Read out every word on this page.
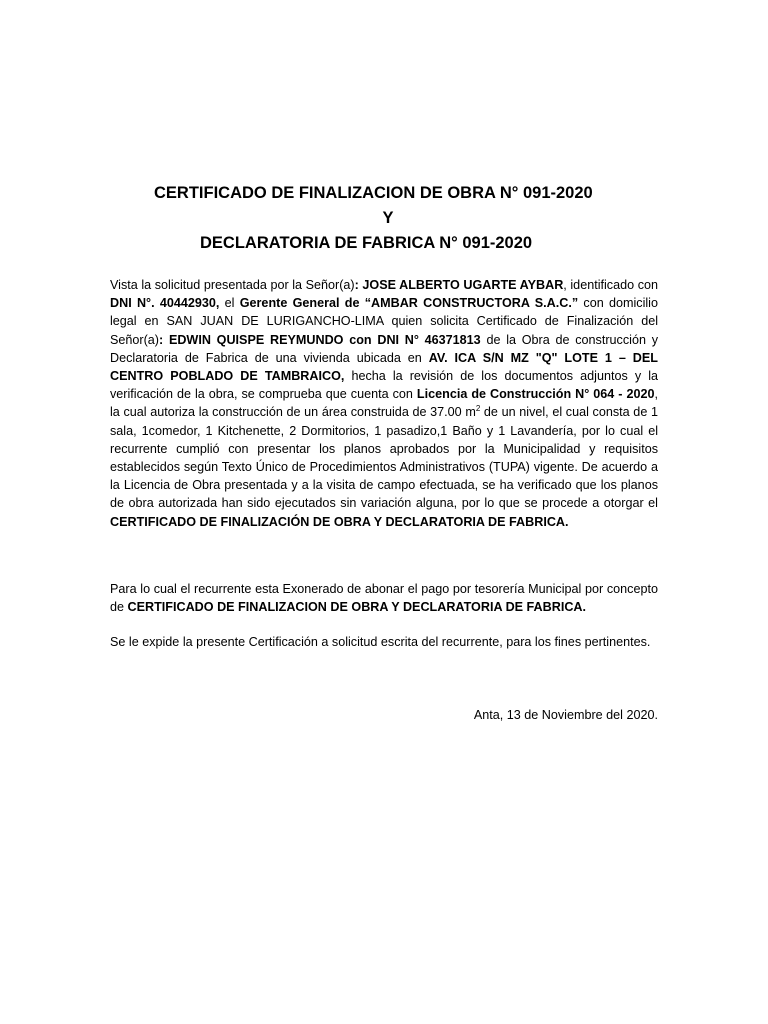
CERTIFICADO DE FINALIZACION DE OBRA N° 091-2020
Y
DECLARATORIA DE FABRICA N° 091-2020

Vista la solicitud presentada por la Señor(a): JOSE ALBERTO UGARTE AYBAR, identificado con DNI N°. 40442930, el Gerente General de “AMBAR CONSTRUCTORA S.A.C.” con domicilio legal en SAN JUAN DE LURIGANCHO-LIMA quien solicita Certificado de Finalización del Señor(a): EDWIN QUISPE REYMUNDO con DNI N° 46371813 de la Obra de construcción y Declaratoria de Fabrica de una vivienda ubicada en AV. ICA S/N MZ "Q" LOTE 1 – DEL CENTRO POBLADO DE TAMBRAICO, hecha la revisión de los documentos adjuntos y la verificación de la obra, se comprueba que cuenta con Licencia de Construcción N° 064 - 2020, la cual autoriza la construcción de un área construida de 37.00 $m^2$ de un nivel, el cual consta de 1 sala, 1comedor, 1 Kitchenette, 2 Dormitorios, 1 pasadizo,1 Baño y 1 Lavandería, por lo cual el recurrente cumplió con presentar los planos aprobados por la Municipalidad y requisitos establecidos según Texto Único de Procedimientos Administrativos (TUPA) vigente. De acuerdo a la Licencia de Obra presentada y a la visita de campo efectuada, se ha verificado que los planos de obra autorizada han sido ejecutados sin variación alguna, por lo que se procede a otorgar el CERTIFICADO DE FINALIZACIÓN DE OBRA Y DECLARATORIA DE FABRICA.

Para lo cual el recurrente esta Exonerado de abonar el pago por tesorería Municipal por concepto de CERTIFICADO DE FINALIZACION DE OBRA Y DECLARATORIA DE FABRICA.

Se le expide la presente Certificación a solicitud escrita del recurrente, para los fines pertinentes.

Anta, 13 de Noviembre del 2020.
